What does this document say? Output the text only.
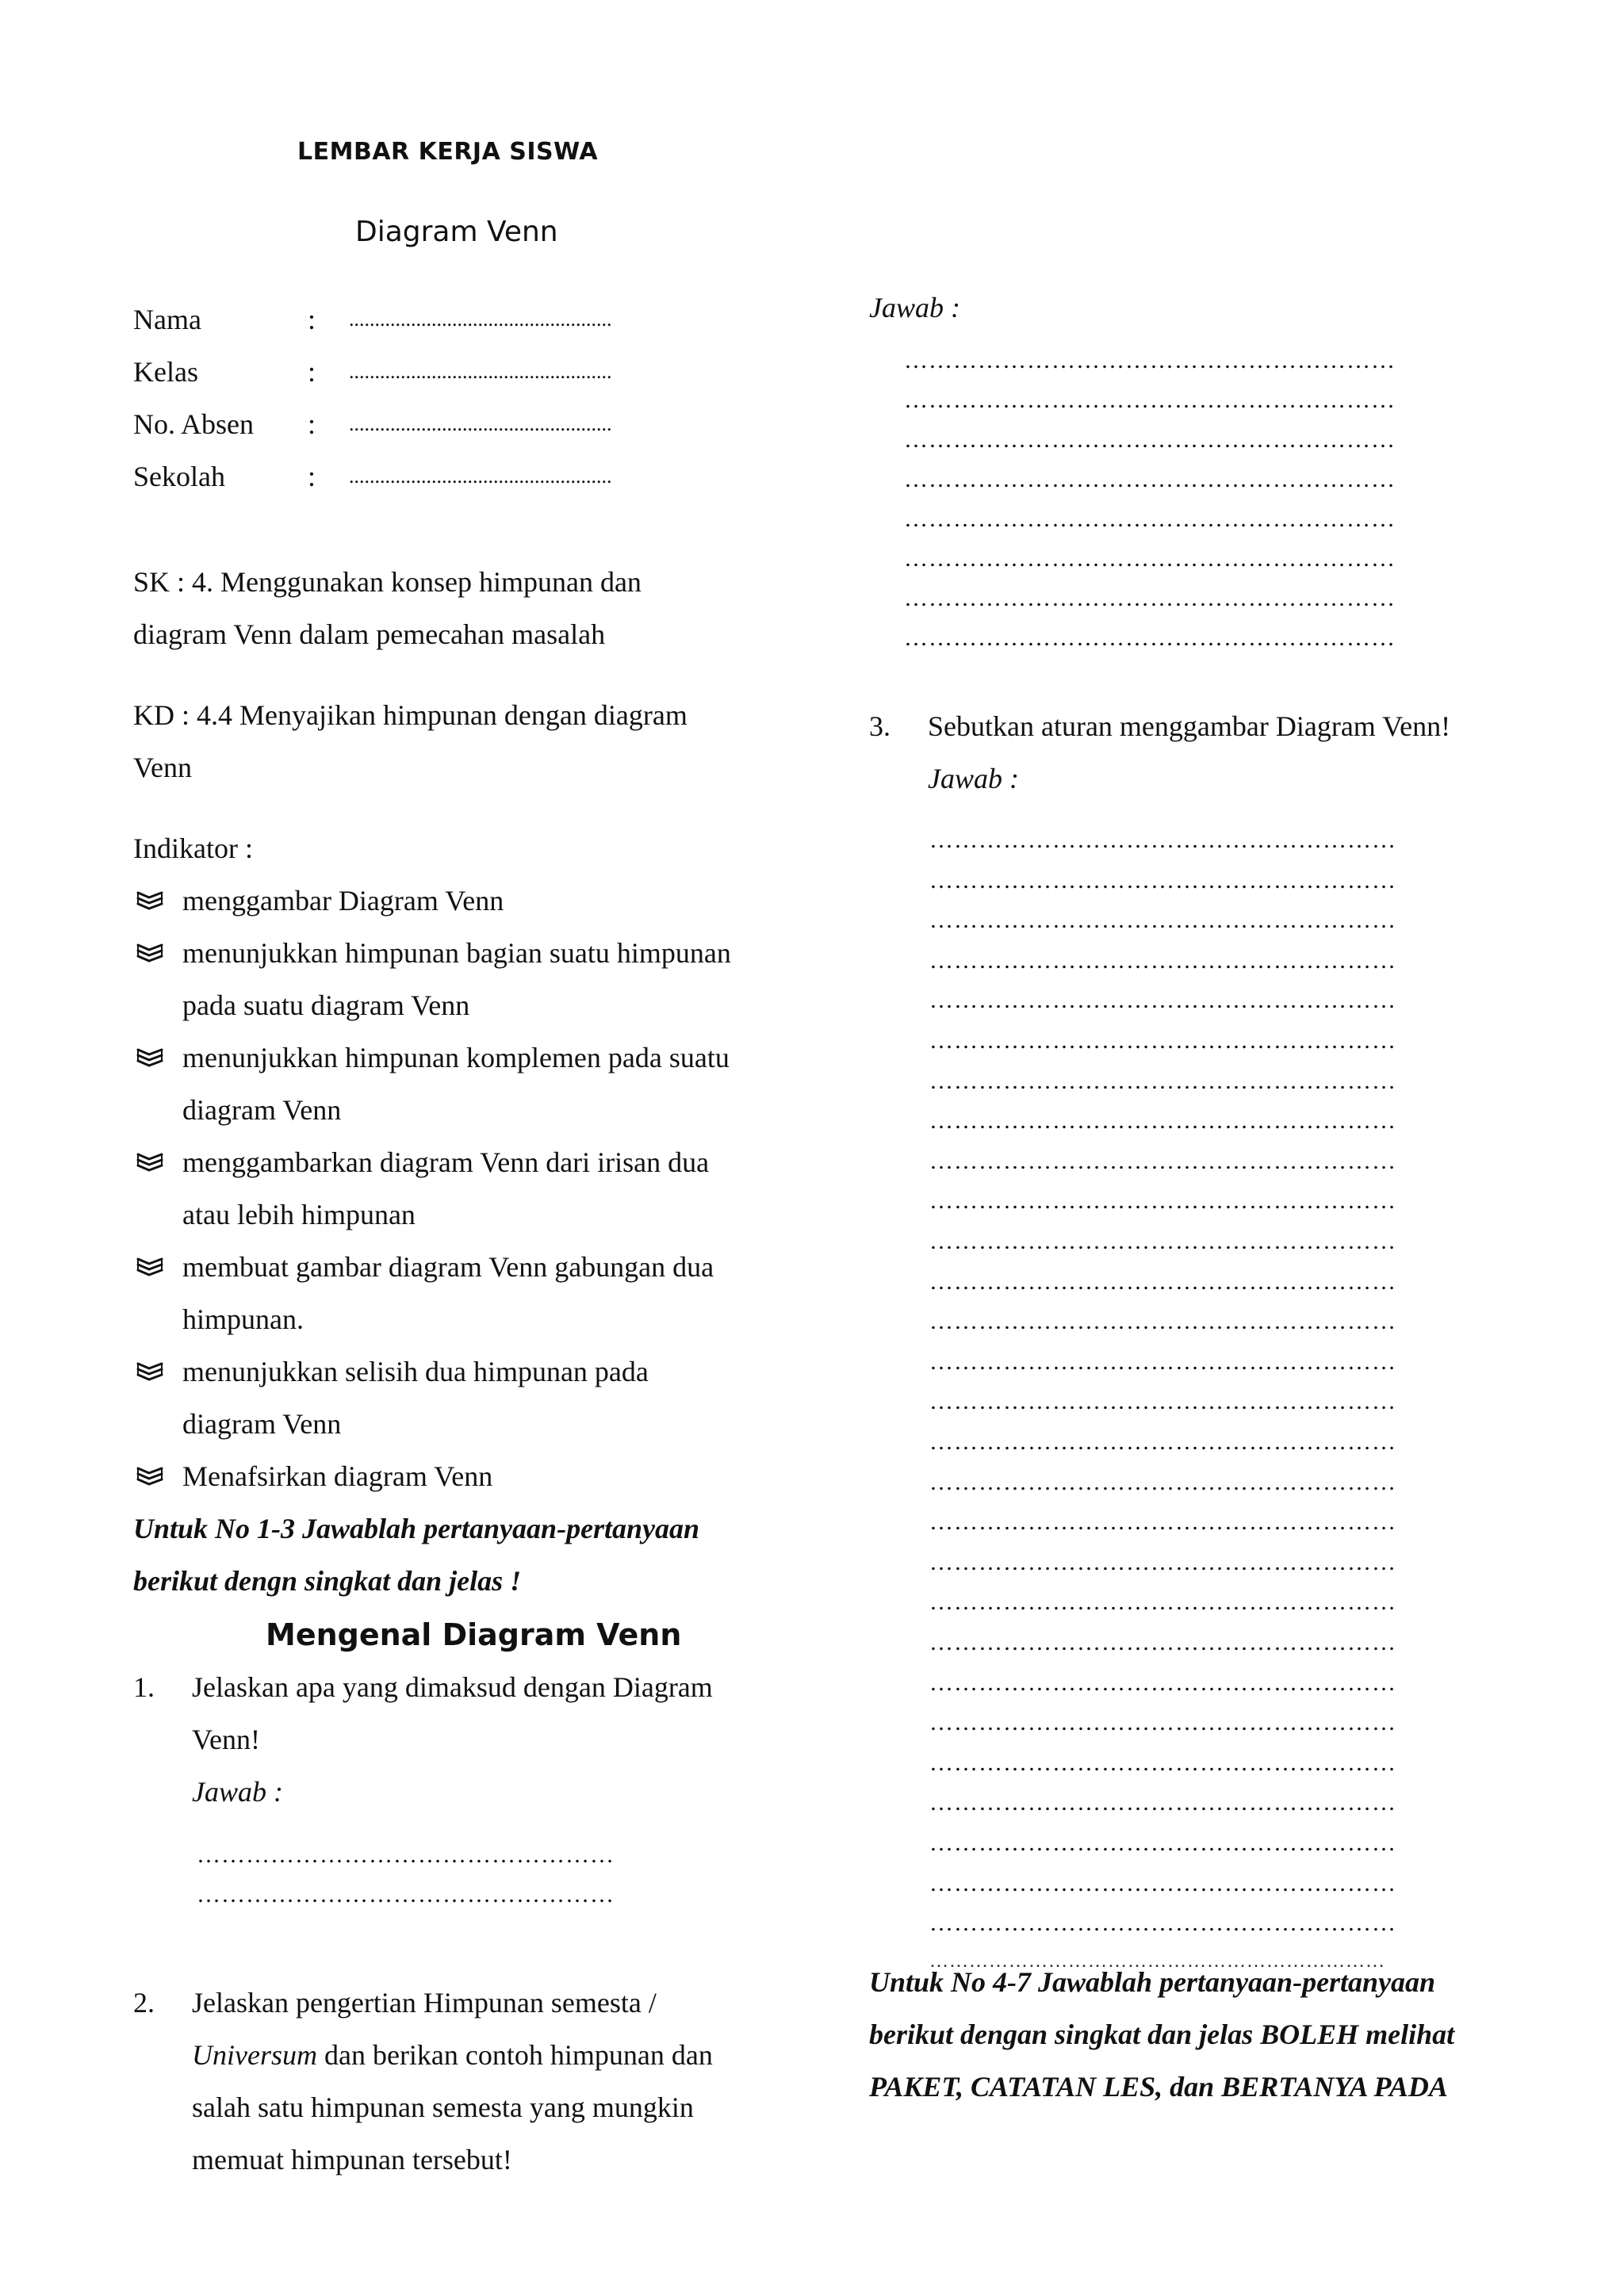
LEMBAR KERJA SISWA
Diagram Venn
Nama	: ...................................................
Kelas	: ...................................................
No. Absen : ...................................................
Sekolah	: ...................................................
SK : 4. Menggunakan konsep himpunan dan
diagram Venn dalam pemecahan masalah
KD : 4.4 Menyajikan himpunan dengan diagram
Venn
Indikator :
menggambar Diagram Venn
menunjukkan himpunan bagian suatu himpunan
pada suatu diagram Venn
menunjukkan himpunan komplemen pada suatu
diagram Venn
menggambarkan diagram Venn dari irisan dua
atau lebih himpunan
membuat gambar diagram Venn gabungan dua
himpunan.
menunjukkan selisih dua himpunan pada
diagram Venn
Menafsirkan diagram Venn
Untuk No 1-3 Jawablah pertanyaan-pertanyaan
berikut dengn singkat dan jelas !
Mengenal Diagram Venn
1. Jelaskan apa yang dimaksud dengan Diagram
Venn!
Jawab :
……………………………………………
……………………………………………
2. Jelaskan pengertian Himpunan semesta /
Universum dan berikan contoh himpunan dan
salah satu himpunan semesta yang mungkin
memuat himpunan tersebut!
Jawab :
……………………………………………………
……………………………………………………
……………………………………………………
……………………………………………………
……………………………………………………
……………………………………………………
……………………………………………………
……………………………………………………
3. Sebutkan aturan menggambar Diagram Venn!
Jawab :
…………………………………………………
…………………………………………………
…………………………………………………
…………………………………………………
…………………………………………………
…………………………………………………
…………………………………………………
…………………………………………………
…………………………………………………
…………………………………………………
…………………………………………………
…………………………………………………
…………………………………………………
…………………………………………………
…………………………………………………
…………………………………………………
…………………………………………………
…………………………………………………
…………………………………………………
…………………………………………………
…………………………………………………
…………………………………………………
…………………………………………………
…………………………………………………
…………………………………………………
…………………………………………………
…………………………………………………
…………………………………………………
……………………………………………………………
Untuk No 4-7 Jawablah pertanyaan-pertanyaan
berikut dengan singkat dan jelas BOLEH melihat
PAKET, CATATAN LES, dan BERTANYA PADA
